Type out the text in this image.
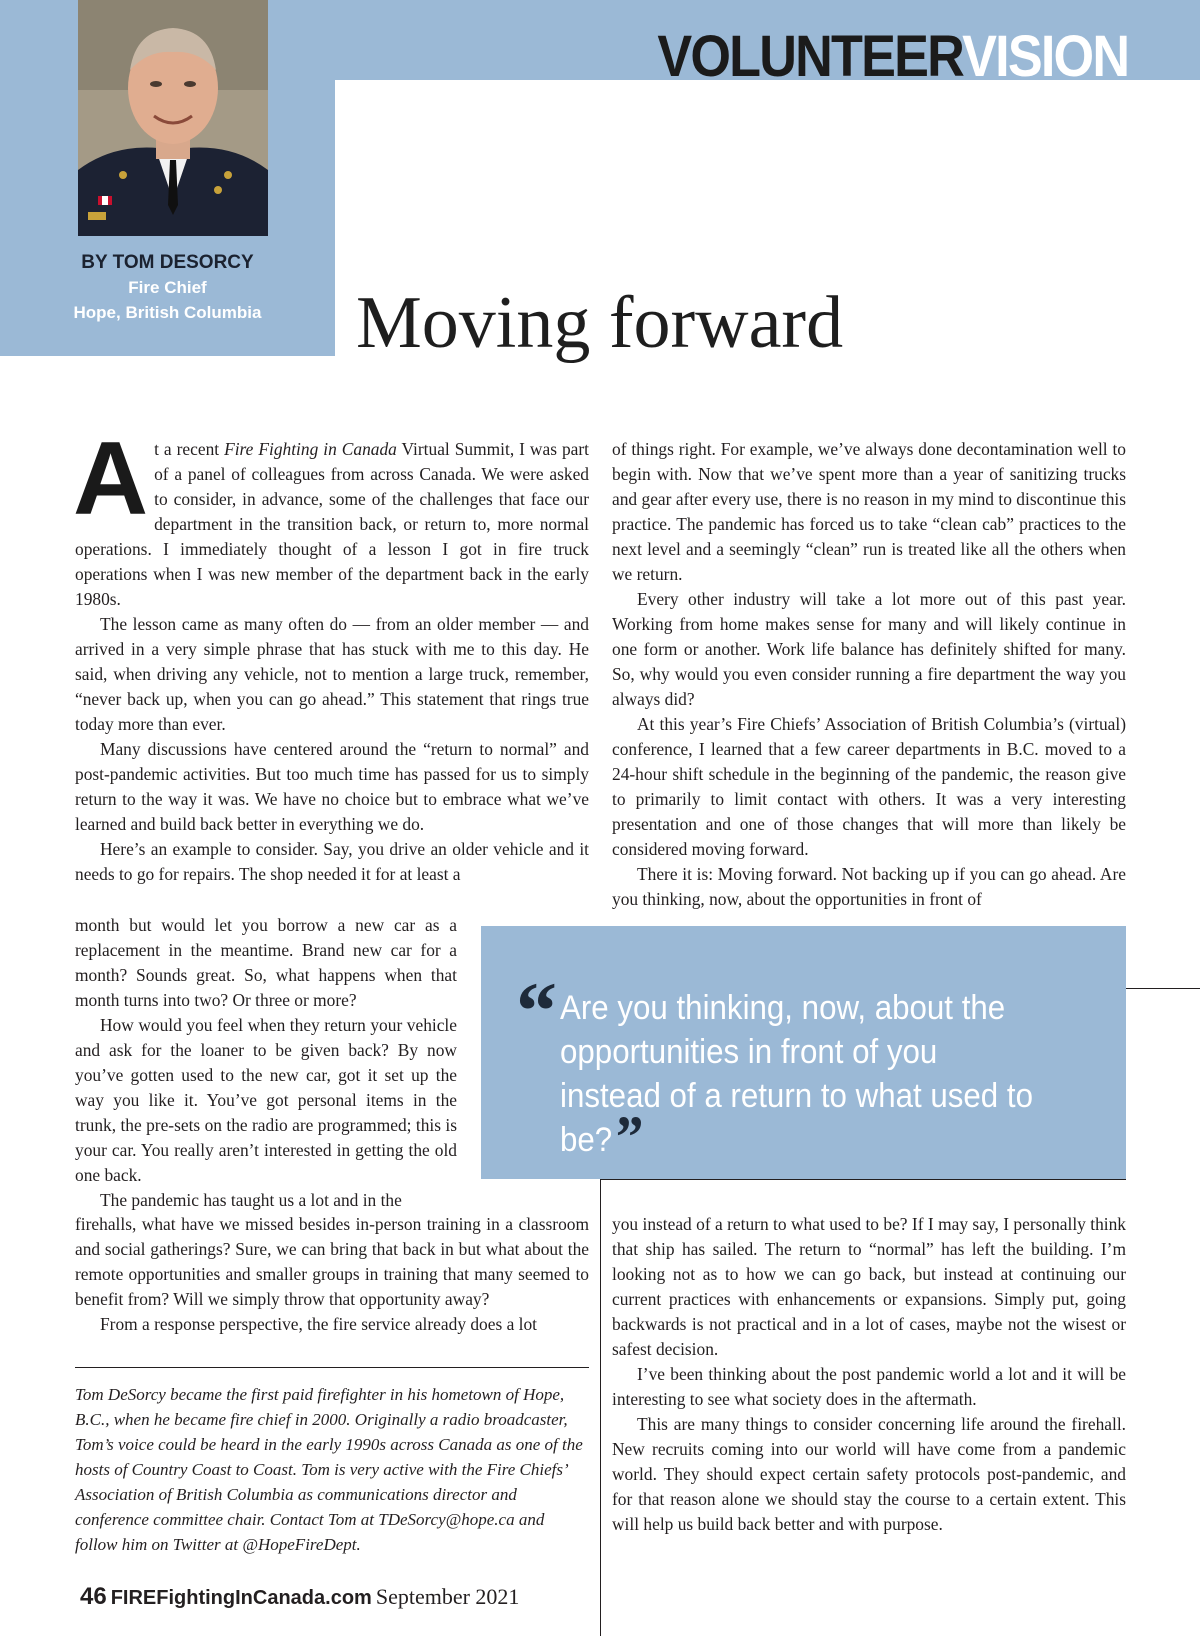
BY TOM DESORCY
Fire Chief
Hope, British Columbia
VOLUNTEERVISION
Moving forward

At a recent Fire Fighting in Canada Virtual Summit, I was part of a panel of colleagues from across Canada. We were asked to consider, in advance, some of the challenges that face our department in the transition back, or return to, more normal operations. I immediately thought of a lesson I got in fire truck operations when I was new member of the department back in the early 1980s.

The lesson came as many often do — from an older member — and arrived in a very simple phrase that has stuck with me to this day. He said, when driving any vehicle, not to mention a large truck, remember, “never back up, when you can go ahead.” This statement that rings true today more than ever.

Many discussions have centered around the “return to normal” and post-pandemic activities. But too much time has passed for us to simply return to the way it was. We have no choice but to embrace what we’ve learned and build back better in everything we do.

Here’s an example to consider. Say, you drive an older vehicle and it needs to go for repairs. The shop needed it for at least a

month but would let you borrow a new car as a replacement in the meantime. Brand new car for a month? Sounds great. So, what happens when that month turns into two? Or three or more?

How would you feel when they return your vehicle and ask for the loaner to be given back? By now you’ve gotten used to the new car, got it set up the way you like it. You’ve got personal items in the trunk, the pre-sets on the radio are programmed; this is your car. You really aren’t interested in getting the old one back.

The pandemic has taught us a lot and in the

firehalls, what have we missed besides in-person training in a classroom and social gatherings? Sure, we can bring that back in but what about the remote opportunities and smaller groups in training that many seemed to benefit from? Will we simply throw that opportunity away?

From a response perspective, the fire service already does a lot

of things right. For example, we’ve always done decontamination well to begin with. Now that we’ve spent more than a year of sanitizing trucks and gear after every use, there is no reason in my mind to discontinue this practice. The pandemic has forced us to take “clean cab” practices to the next level and a seemingly “clean” run is treated like all the others when we return.

Every other industry will take a lot more out of this past year. Working from home makes sense for many and will likely continue in one form or another. Work life balance has definitely shifted for many. So, why would you even consider running a fire department the way you always did?

At this year’s Fire Chiefs’ Association of British Columbia’s (virtual) conference, I learned that a few career departments in B.C. moved to a 24-hour shift schedule in the beginning of the pandemic, the reason give to primarily to limit contact with others. It was a very interesting presentation and one of those changes that will more than likely be considered moving forward.

There it is: Moving forward. Not backing up if you can go ahead. Are you thinking, now, about the opportunities in front of

“ Are you thinking, now, about the opportunities in front of you instead of a return to what used to be?”

you instead of a return to what used to be? If I may say, I personally think that ship has sailed. The return to “normal” has left the building. I’m looking not as to how we can go back, but instead at continuing our current practices with enhancements or expansions. Simply put, going backwards is not practical and in a lot of cases, maybe not the wisest or safest decision.

I’ve been thinking about the post pandemic world a lot and it will be interesting to see what society does in the aftermath.

This are many things to consider concerning life around the firehall. New recruits coming into our world will have come from a pandemic world. They should expect certain safety protocols post-pandemic, and for that reason alone we should stay the course to a certain extent. This will help us build back better and with purpose.

Tom DeSorcy became the first paid firefighter in his hometown of Hope, B.C., when he became fire chief in 2000. Originally a radio broadcaster, Tom’s voice could be heard in the early 1990s across Canada as one of the hosts of Country Coast to Coast. Tom is very active with the Fire Chiefs’ Association of British Columbia as communications director and conference committee chair. Contact Tom at TDeSorcy@hope.ca and follow him on Twitter at @HopeFireDept.

46 FIREFightingInCanada.com September 2021
